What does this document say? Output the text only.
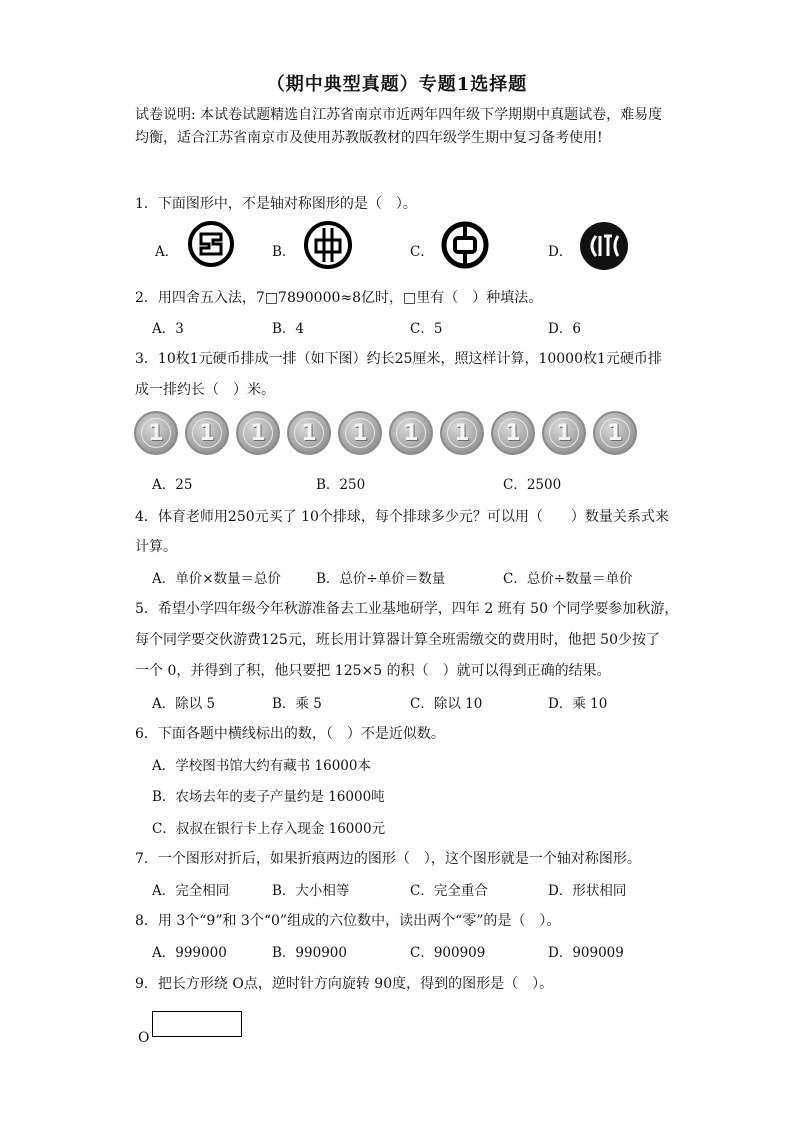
（期中典型真题）专题1选择题
试卷说明: 本试卷试题精选自江苏省南京市近两年四年级下学期期中真题试卷，难易度
均衡，适合江苏省南京市及使用苏教版教材的四年级学生期中复习备考使用!
1．下面图形中，不是轴对称图形的是（　）。
A．	B．	C．	D．
2．用四舍五入法，7□7890000≈8亿时，□里有（　）种填法。
A．3	B．4	C．5	D．6
3．10枚1元硬币排成一排（如下图）约长25厘米，照这样计算，10000枚1元硬币排
成一排约长（　）米。
1	1	1	1	1	1	1	1	1	1
A．25	B．250	C．2500
4．体育老师用250元买了 10个排球，每个排球多少元？可以用（　　）数量关系式来
计算。
A．单价×数量＝总价	B．总价÷单价＝数量	C．总价÷数量＝单价
5．希望小学四年级今年秋游准备去工业基地研学，四年 2 班有 50 个同学要参加秋游，
每个同学要交伙游费125元，班长用计算器计算全班需缴交的费用时，他把 50少按了
一个 0，并得到了积，他只要把 125×5 的积（　）就可以得到正确的结果。
A．除以 5	B．乘 5	C．除以 10	D．乘 10
6．下面各题中横线标出的数，（　）不是近似数。
A．学校图书馆大约有藏书 16000本
B．农场去年的麦子产量约是 16000吨
C．叔叔在银行卡上存入现金 16000元
7．一个图形对折后，如果折痕两边的图形（　），这个图形就是一个轴对称图形。
A．完全相同	B．大小相等	C．完全重合	D．形状相同
8．用 3个“9”和 3个“0”组成的六位数中，读出两个“零”的是（　）。
A．999000	B．990900	C．900909	D．909009
9．把长方形绕 O点，逆时针方向旋转 90度，得到的图形是（　）。
O
